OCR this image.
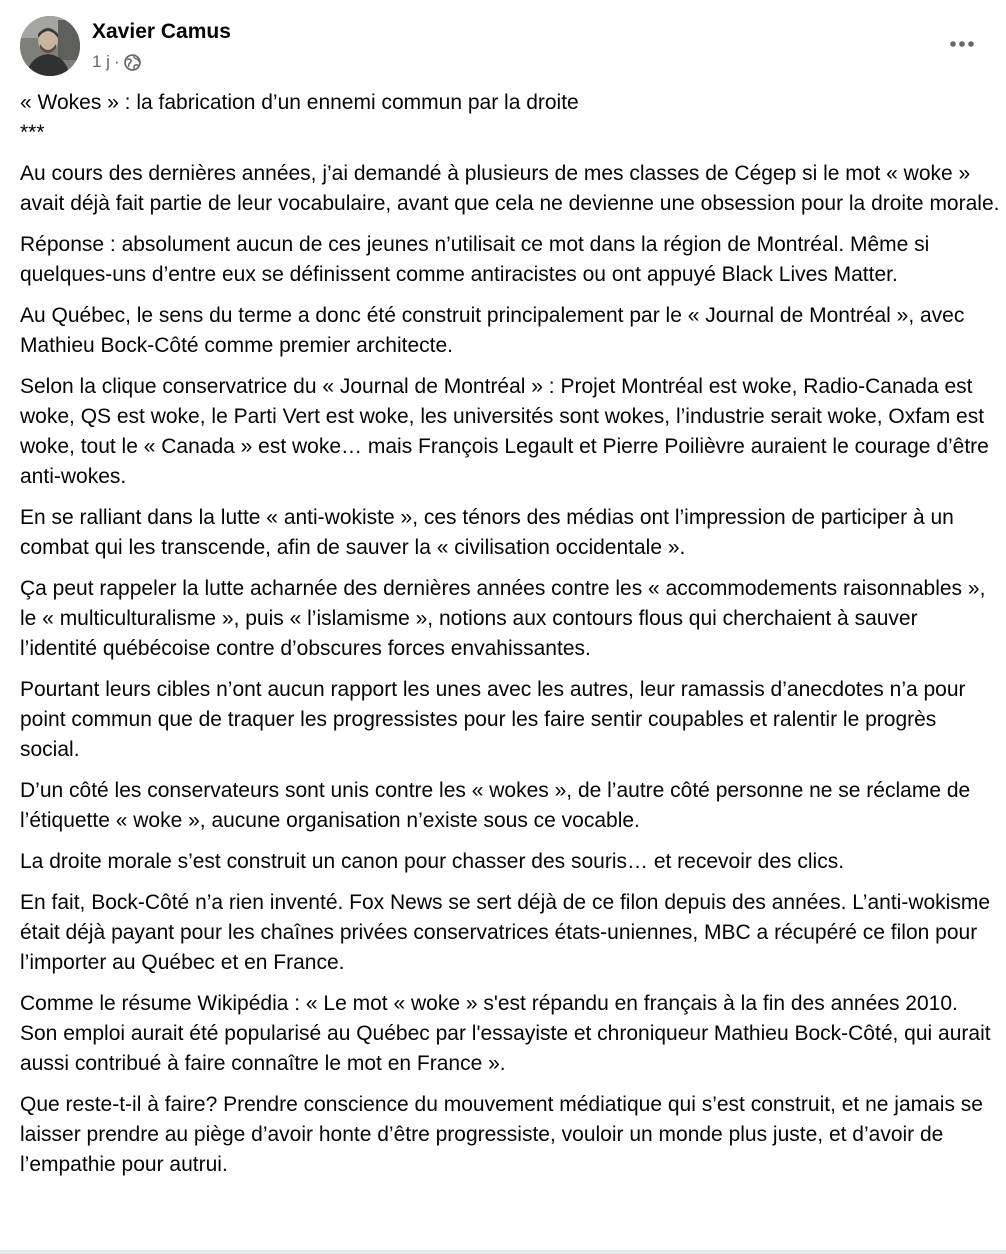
Xavier Camus
1 j ·

« Wokes » : la fabrication d’un ennemi commun par la droite

***

Au cours des dernières années, j’ai demandé à plusieurs de mes classes de Cégep si le mot « woke » avait déjà fait partie de leur vocabulaire, avant que cela ne devienne une obsession pour la droite morale.

Réponse : absolument aucun de ces jeunes n’utilisait ce mot dans la région de Montréal. Même si quelques-uns d’entre eux se définissent comme antiracistes ou ont appuyé Black Lives Matter.

Au Québec, le sens du terme a donc été construit principalement par le « Journal de Montréal », avec Mathieu Bock-Côté comme premier architecte.

Selon la clique conservatrice du « Journal de Montréal » : Projet Montréal est woke, Radio-Canada est woke, QS est woke, le Parti Vert est woke, les universités sont wokes, l’industrie serait woke, Oxfam est woke, tout le « Canada » est woke… mais François Legault et Pierre Poilièvre auraient le courage d’être anti-wokes.

En se ralliant dans la lutte « anti-wokiste », ces ténors des médias ont l’impression de participer à un combat qui les transcende, afin de sauver la « civilisation occidentale ».

Ça peut rappeler la lutte acharnée des dernières années contre les « accommodements raisonnables », le « multiculturalisme », puis « l’islamisme », notions aux contours flous qui cherchaient à sauver l’identité québécoise contre d’obscures forces envahissantes.

Pourtant leurs cibles n’ont aucun rapport les unes avec les autres, leur ramassis d’anecdotes n’a pour point commun que de traquer les progressistes pour les faire sentir coupables et ralentir le progrès social.

D’un côté les conservateurs sont unis contre les « wokes », de l’autre côté personne ne se réclame de l’étiquette « woke », aucune organisation n’existe sous ce vocable.

La droite morale s’est construit un canon pour chasser des souris… et recevoir des clics.

En fait, Bock-Côté n’a rien inventé. Fox News se sert déjà de ce filon depuis des années. L’anti-wokisme était déjà payant pour les chaînes privées conservatrices états-uniennes, MBC a récupéré ce filon pour l’importer au Québec et en France.

Comme le résume Wikipédia : « Le mot « woke » s'est répandu en français à la fin des années 2010. Son emploi aurait été popularisé au Québec par l'essayiste et chroniqueur Mathieu Bock-Côté, qui aurait aussi contribué à faire connaître le mot en France ».

Que reste-t-il à faire? Prendre conscience du mouvement médiatique qui s’est construit, et ne jamais se laisser prendre au piège d’avoir honte d’être progressiste, vouloir un monde plus juste, et d’avoir de l’empathie pour autrui.
